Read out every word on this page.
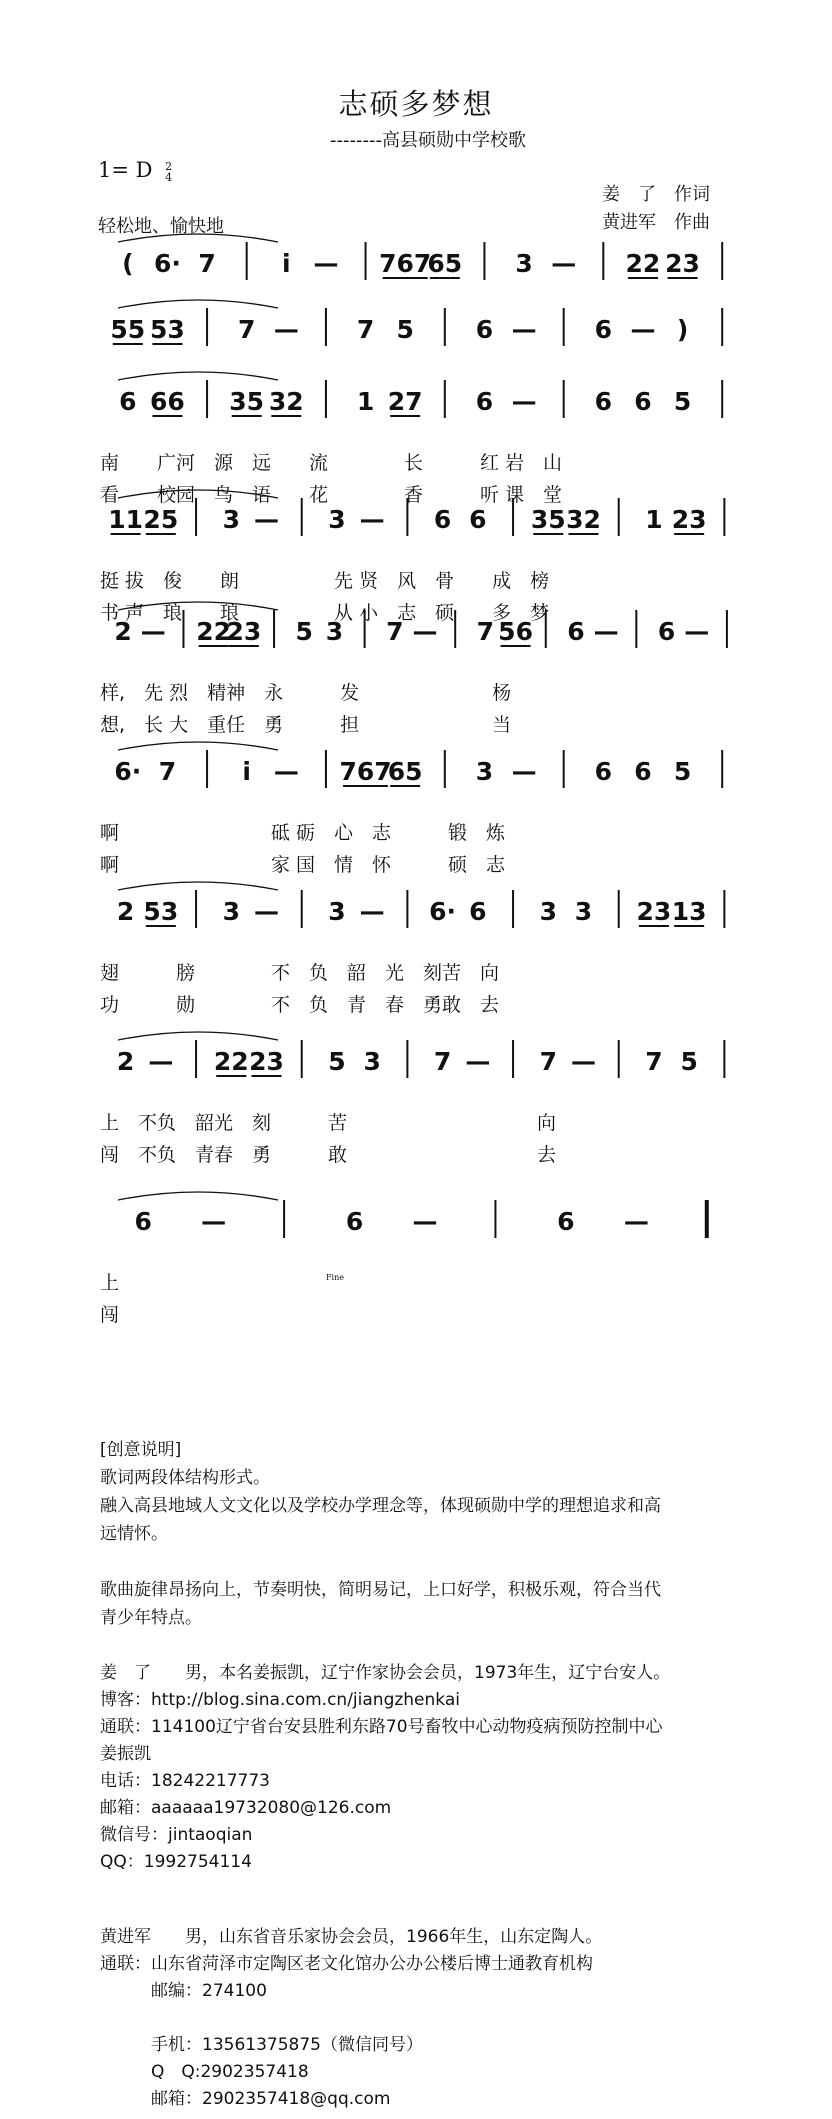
志硕多梦想
--------高县硕勋中学校歌
1= D 2
4
姜　了　作词
黄进军　作曲
轻松地、愉快地
( 6· 7	i — 767
65 3 — 22 23
55 53 7 — 7 5 6 — 6 — )
6 66 35 32 1 27 6 — 6 6 5
11 25 3 — 3 — 6 6 35 32 1 23
2 — 22
23 5 3 7 — 7 56 6 — 6 —
6· 7	i — 767
65 3 — 6 6 5
2 53 3 — 3 — 6· 6 3 3 23 13
2 — 22 23 5 3 7 — 7 — 7 5
6 —	6 —	6 —
Fine
南　　广河　源　远　　流　　　　长　　　红 岩　山
看　　校园　鸟　语　　花　　　　香　　　听 课　堂
挺 拔　俊　　朗　　　　　先 贤　风　骨　　成　榜
书 声　琅　　琅　　　　　从 小　志　硕　　多　梦
样,　先 烈　精神　永　　　发　　　　　　　杨
想,　长 大　重任　勇　　　担　　　　　　　当
啊　　　　　　　　砥 砺　心　志　　　锻　炼
啊　　　　　　　　家 国　情　怀　　　硕　志
翅　　　膀　　　　不　负　韶　光　刻苦　向
功　　　勋　　　　不　负　青　春　勇敢　去
上　不负　韶光　刻　　　苦　　　　　　　　　　向
闯　不负　青春　勇　　　敢　　　　　　　　　　去
上
闯
[创意说明]
歌词两段体结构形式。
融入高县地域人文文化以及学校办学理念等，体现硕勋中学的理想追求和高
远情怀。
歌曲旋律昂扬向上，节奏明快，简明易记，上口好学，积极乐观，符合当代
青少年特点。
姜　了　　男，本名姜振凯，辽宁作家协会会员，1973年生，辽宁台安人。
博客：http://blog.sina.com.cn/jiangzhenkai
通联：114100辽宁省台安县胜利东路70号畜牧中心动物疫病预防控制中心
姜振凯
电话：18242217773
邮箱：aaaaaa19732080@126.com
微信号：jintaoqian
QQ：1992754114
黄进军　　男，山东省音乐家协会会员，1966年生，山东定陶人。
通联：山东省菏泽市定陶区老文化馆办公办公楼后博士通教育机构
　　　邮编：274100
　　　手机：13561375875（微信同号）
　　　Q　Q:2902357418
　　　邮箱：2902357418@qq.com
